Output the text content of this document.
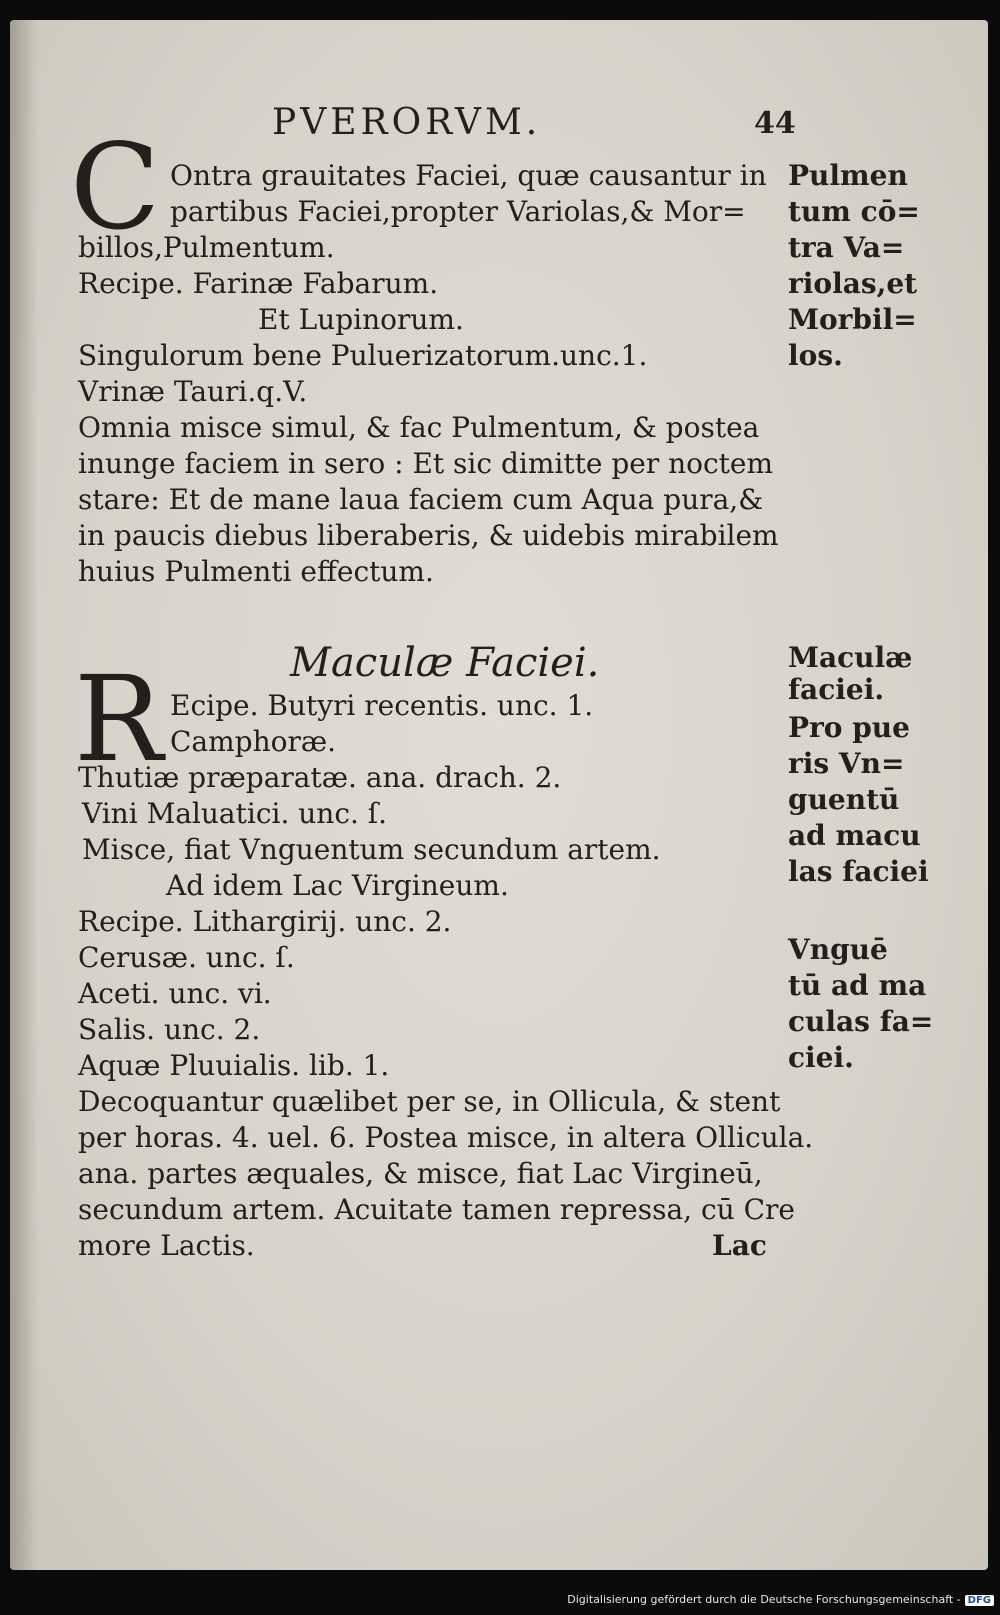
PVERORVM.	44
C Ontra grauitates Faciei, quæ causantur in
partibus Faciei,propter Variolas,& Mor=
billos,Pulmentum.
Recipe. Farinæ Fabarum.
Et Lupinorum.
Singulorum bene Puluerizatorum.unc.1.
Vrinæ Tauri.q.V.
Omnia misce simul, & fac Pulmentum, & postea
inunge faciem in sero : Et sic dimitte per noctem
stare: Et de mane laua faciem cum Aqua pura,&
in paucis diebus liberaberis, & uidebis mirabilem
huius Pulmenti effectum.
Pulmen
tum cō=
tra Va=
riolas,et
Morbil=
los.
Maculæ Faciei.
R Ecipe. Butyri recentis. unc. 1.
Camphoræ.
Thutiæ præparatæ. ana. drach. 2.
Vini Maluatici. unc. ſ.
Misce, fiat Vnguentum secundum artem.
Ad idem Lac Virgineum.
Recipe. Lithargirij. unc. 2.
Cerusæ. unc. ſ.
Aceti. unc. vi.
Salis. unc. 2.
Aquæ Pluuialis. lib. 1.
Decoquantur quælibet per se, in Ollicula, & stent
per horas. 4. uel. 6. Postea misce, in altera Ollicula.
ana. partes æquales, & misce, fiat Lac Virgineū,
secundum artem. Acuitate tamen repressa, cū Cre
more Lactis.	Lac
Maculæ
faciei.
Pro pue
ris Vn=
guentū
ad macu
las faciei
Vnguē
tū ad ma
culas fa=
ciei.
Digitalisierung gefördert durch die Deutsche Forschungsgemeinschaft - DFG
